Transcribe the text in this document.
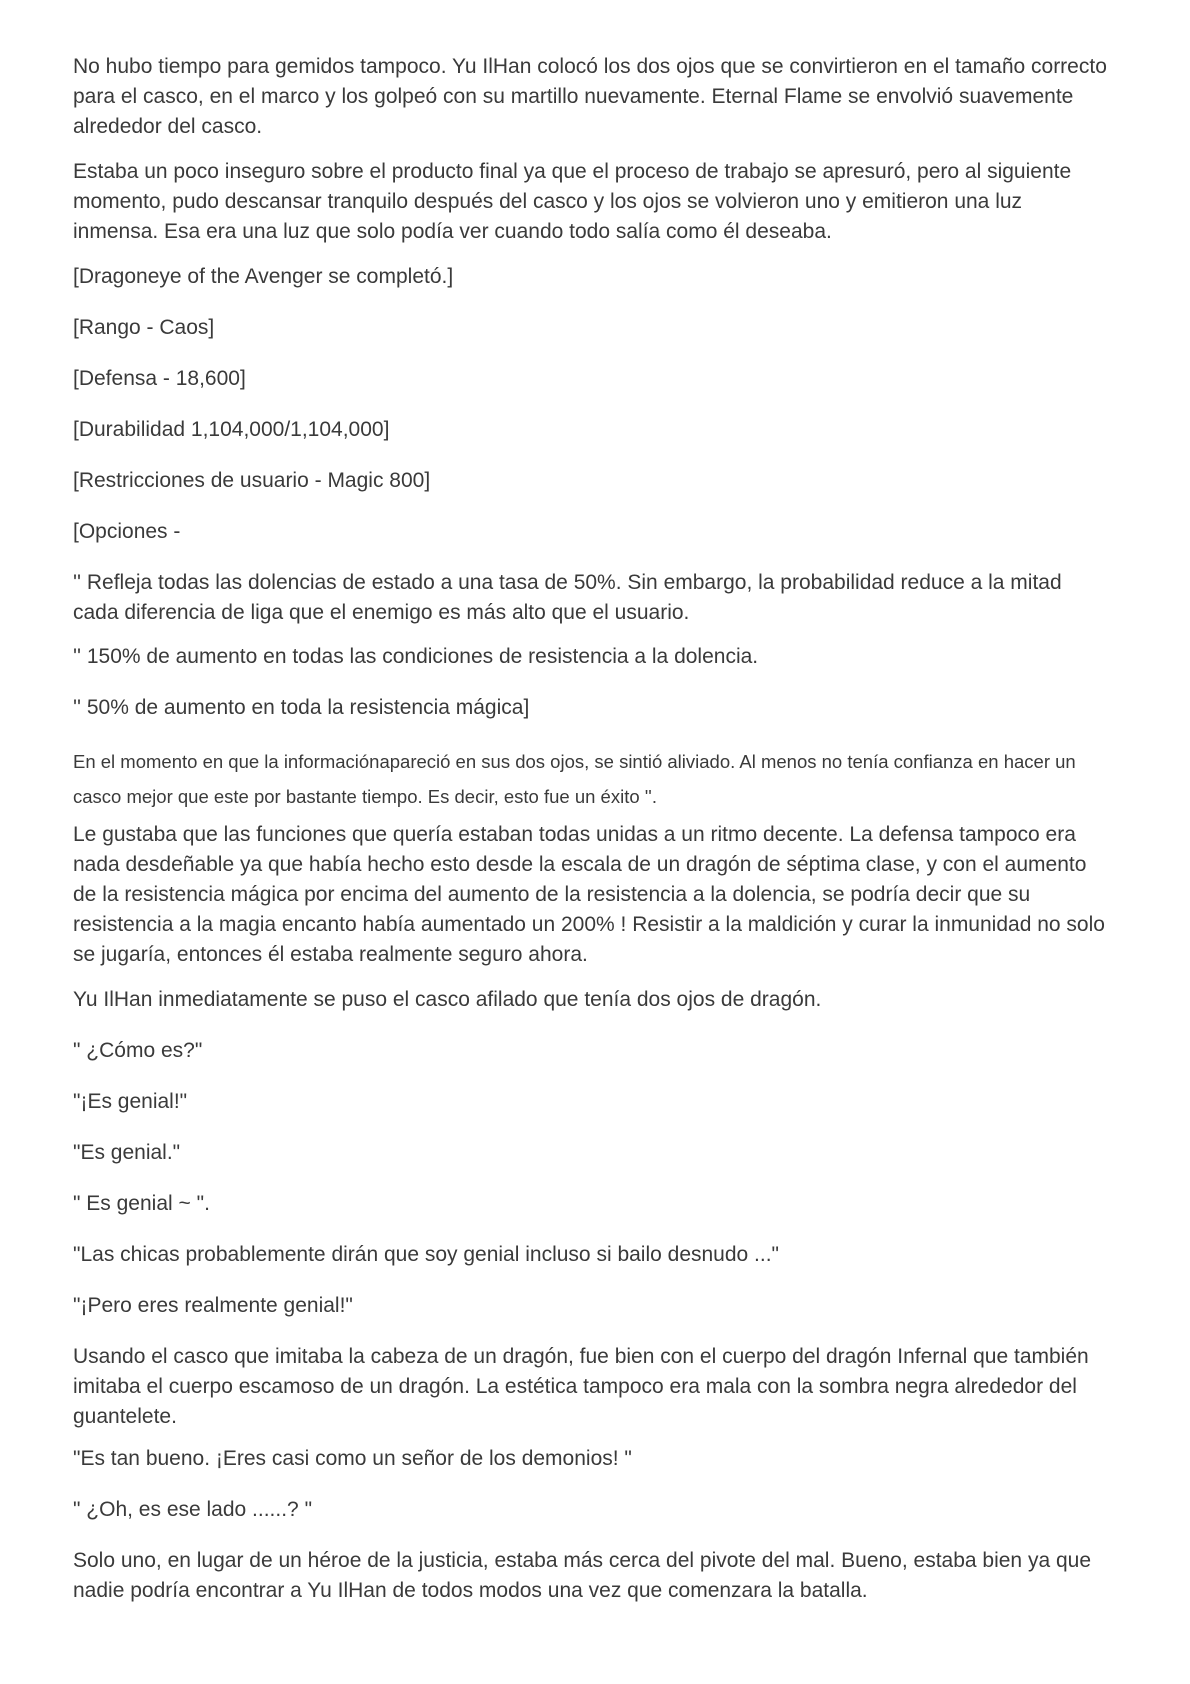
No hubo tiempo para gemidos tampoco. Yu IlHan colocó los dos ojos que se convirtieron en el tamaño correcto para el casco, en el marco y los golpeó con su martillo nuevamente. Eternal Flame se envolvió suavemente alrededor del casco.

Estaba un poco inseguro sobre el producto final ya que el proceso de trabajo se apresuró, pero al siguiente momento, pudo descansar tranquilo después del casco y los ojos se volvieron uno y emitieron una luz inmensa. Esa era una luz que solo podía ver cuando todo salía como él deseaba.

[Dragoneye of the Avenger se completó.]

[Rango - Caos]

[Defensa - 18,600]

[Durabilidad 1,104,000/1,104,000]

[Restricciones de usuario - Magic 800]

[Opciones -

'' Refleja todas las dolencias de estado a una tasa de 50%. Sin embargo, la probabilidad reduce a la mitad cada diferencia de liga que el enemigo es más alto que el usuario.

'' 150% de aumento en todas las condiciones de resistencia a la dolencia.

'' 50% de aumento en toda la resistencia mágica]

En el momento en que la informaciónapareció en sus dos ojos, se sintió aliviado. Al menos no tenía confianza en hacer un casco mejor que este por bastante tiempo. Es decir, esto fue un éxito ''.

Le gustaba que las funciones que quería estaban todas unidas a un ritmo decente. La defensa tampoco era nada desdeñable ya que había hecho esto desde la escala de un dragón de séptima clase, y con el aumento de la resistencia mágica por encima del aumento de la resistencia a la dolencia, se podría decir que su resistencia a la magia encanto había aumentado un 200% ! Resistir a la maldición y curar la inmunidad no solo se jugaría, entonces él estaba realmente seguro ahora.

Yu IlHan inmediatamente se puso el casco afilado que tenía dos ojos de dragón.

" ¿Cómo es?"

"¡Es genial!"

"Es genial."

" Es genial ~ ".

"Las chicas probablemente dirán que soy genial incluso si bailo desnudo ..."

"¡Pero eres realmente genial!"

Usando el casco que imitaba la cabeza de un dragón, fue bien con el cuerpo del dragón Infernal que también imitaba el cuerpo escamoso de un dragón. La estética tampoco era mala con la sombra negra alrededor del guantelete.

"Es tan bueno. ¡Eres casi como un señor de los demonios! "

" ¿Oh, es ese lado ......? "

Solo uno, en lugar de un héroe de la justicia, estaba más cerca del pivote del mal. Bueno, estaba bien ya que nadie podría encontrar a Yu IlHan de todos modos una vez que comenzara la batalla.
